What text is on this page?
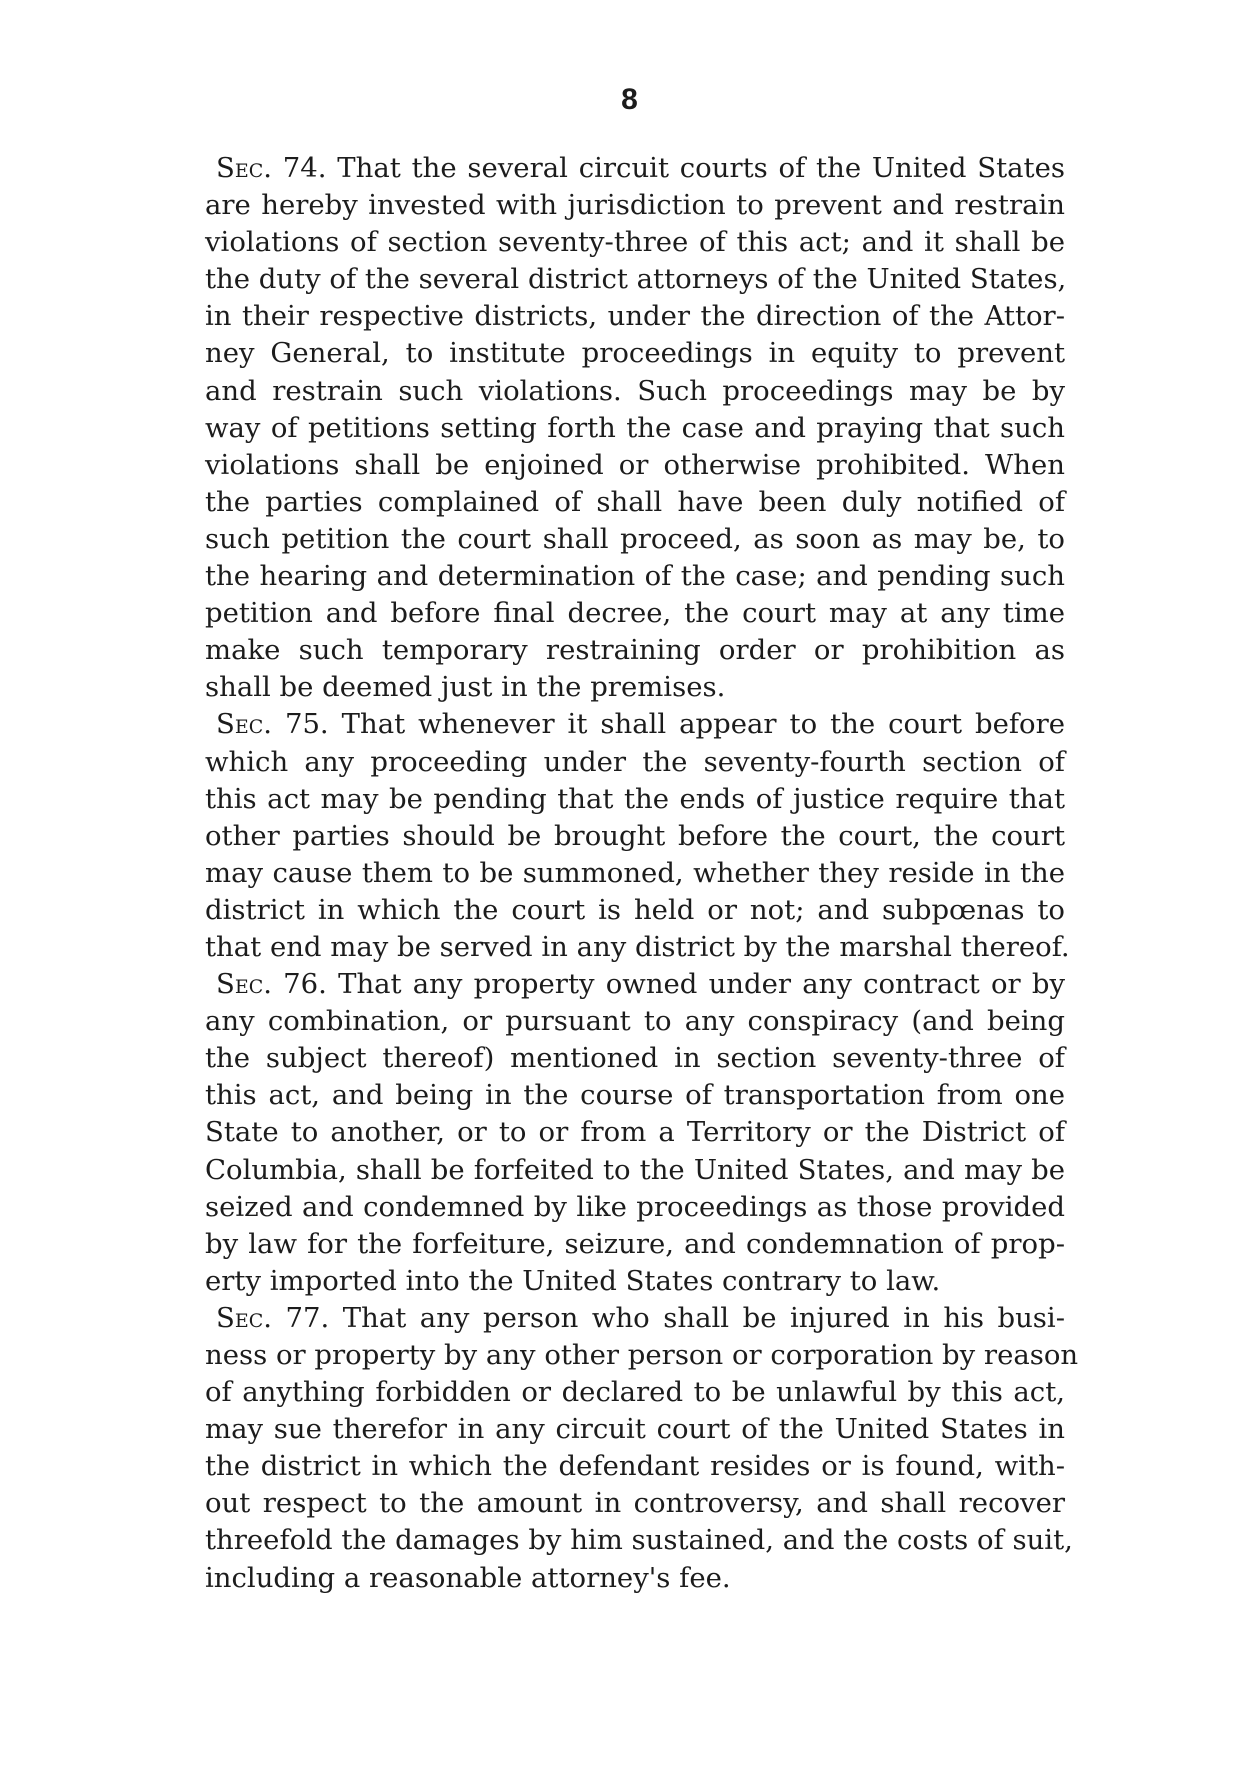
8
  Sec. 74. That the several circuit courts of the United States
are hereby invested with jurisdiction to prevent and restrain
violations of section seventy-three of this act; and it shall be
the duty of the several district attorneys of the United States,
in their respective districts, under the direction of the Attor-
ney General, to institute proceedings in equity to prevent
and restrain such violations. Such proceedings may be by
way of petitions setting forth the case and praying that such
violations shall be enjoined or otherwise prohibited. When
the parties complained of shall have been duly notified of
such petition the court shall proceed, as soon as may be, to
the hearing and determination of the case; and pending such
petition and before final decree, the court may at any time
make such temporary restraining order or prohibition as
shall be deemed just in the premises.
  Sec. 75. That whenever it shall appear to the court before
which any proceeding under the seventy-fourth section of
this act may be pending that the ends of justice require that
other parties should be brought before the court, the court
may cause them to be summoned, whether they reside in the
district in which the court is held or not; and subpœnas to
that end may be served in any district by the marshal thereof.
  Sec. 76. That any property owned under any contract or by
any combination, or pursuant to any conspiracy (and being
the subject thereof) mentioned in section seventy-three of
this act, and being in the course of transportation from one
State to another, or to or from a Territory or the District of
Columbia, shall be forfeited to the United States, and may be
seized and condemned by like proceedings as those provided
by law for the forfeiture, seizure, and condemnation of prop-
erty imported into the United States contrary to law.
  Sec. 77. That any person who shall be injured in his busi-
ness or property by any other person or corporation by reason
of anything forbidden or declared to be unlawful by this act,
may sue therefor in any circuit court of the United States in
the district in which the defendant resides or is found, with-
out respect to the amount in controversy, and shall recover
threefold the damages by him sustained, and the costs of suit,
including a reasonable attorney's fee.
